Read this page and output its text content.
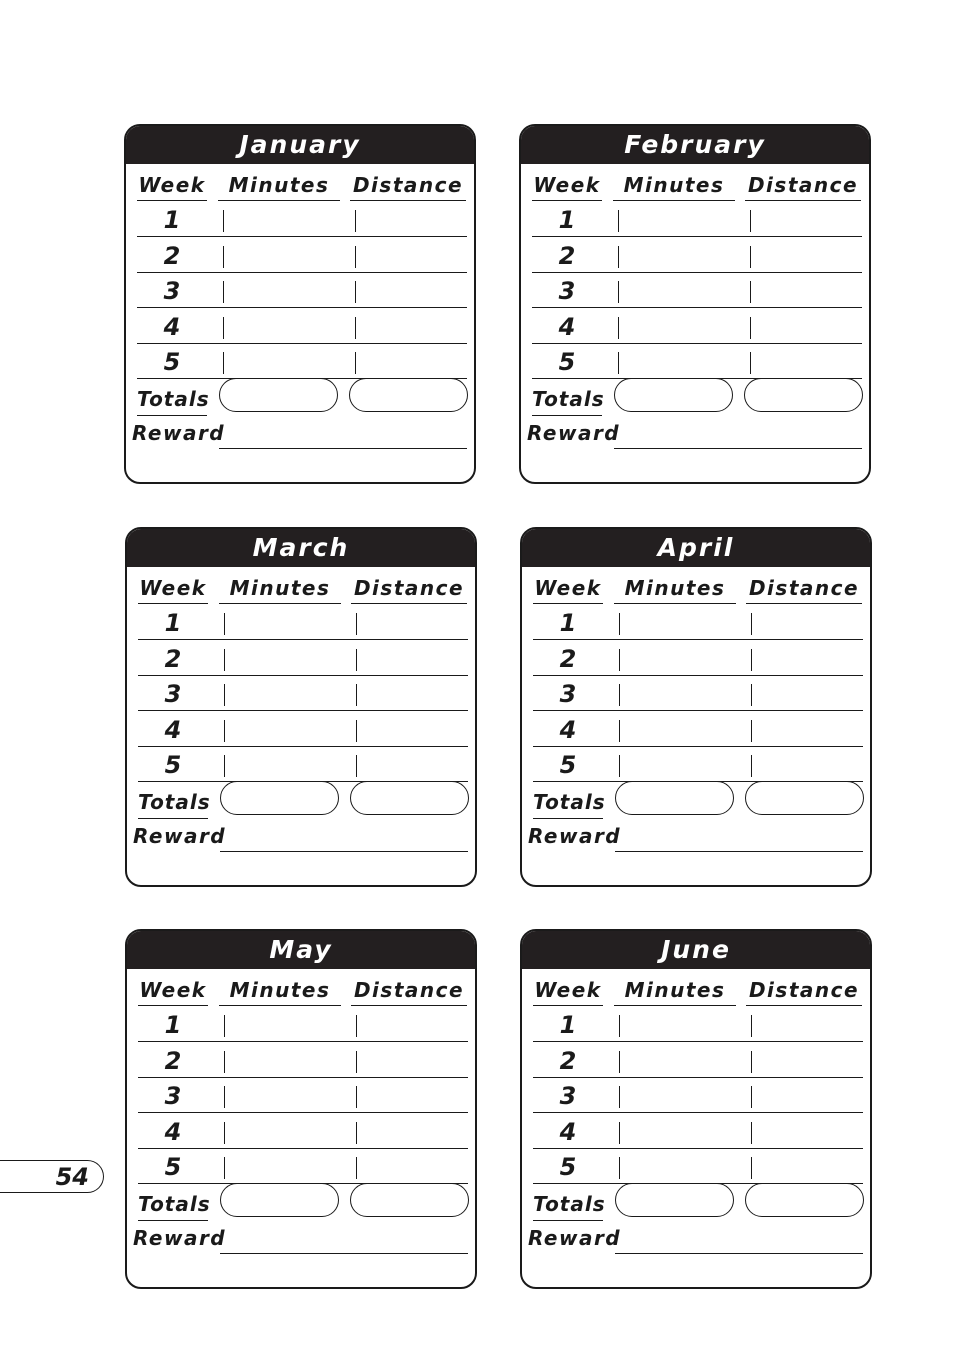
January
Week	Minutes	Distance
1
2
3
4
5
Totals
Reward
February
Week	Minutes	Distance
1
2
3
4
5
Totals
Reward
March
Week	Minutes	Distance
1
2
3
4
5
Totals
Reward
April
Week	Minutes	Distance
1
2
3
4
5
Totals
Reward
May
Week	Minutes	Distance
1
2
3
4
5
Totals
Reward
June
Week	Minutes	Distance
1
2
3
4
5
Totals
Reward
54
